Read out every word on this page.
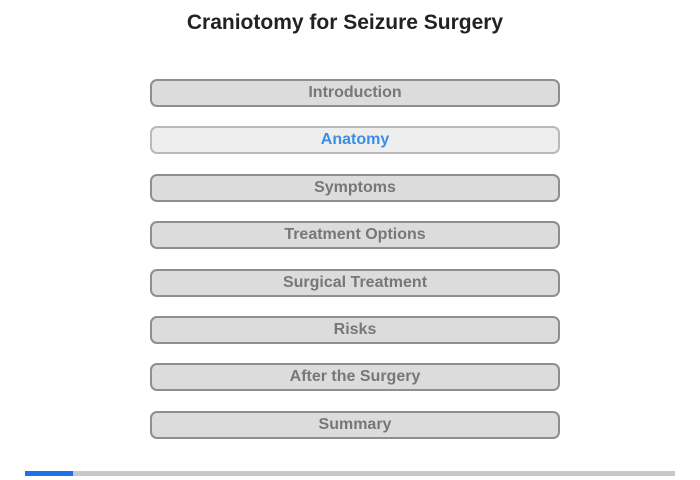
Craniotomy for Seizure Surgery
Introduction
Anatomy
Symptoms
Treatment Options
Surgical Treatment
Risks
After the Surgery
Summary
